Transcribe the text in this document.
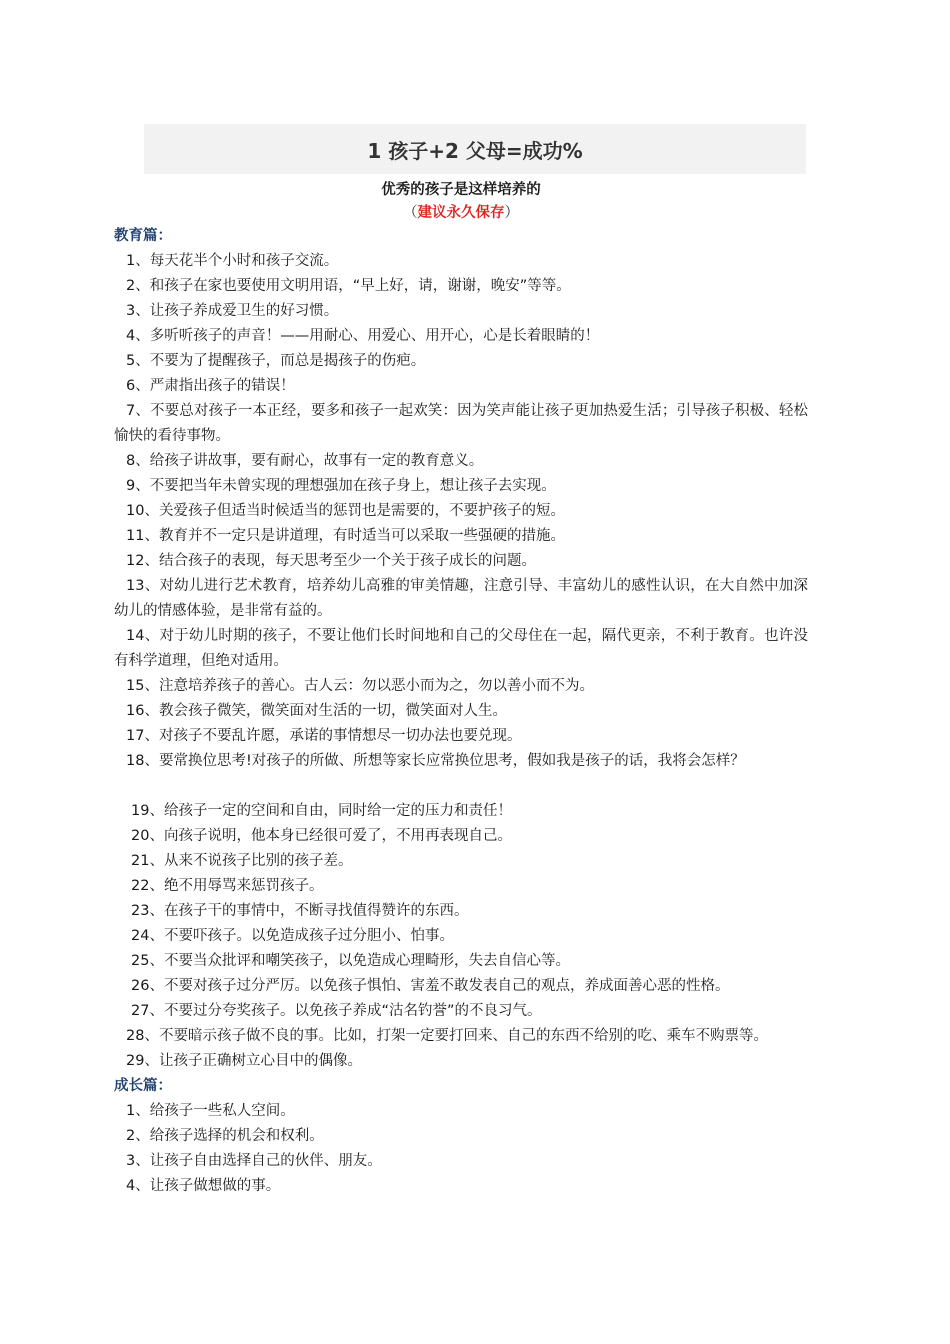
1 孩子+2 父母=成功%
优秀的孩子是这样培养的
（建议永久保存）
教育篇：

1、每天花半个小时和孩子交流。

2、和孩子在家也要使用文明用语，“早上好，请，谢谢，晚安”等等。

3、让孩子养成爱卫生的好习惯。

4、多听听孩子的声音！——用耐心、用爱心、用开心，心是长着眼睛的！

5、不要为了提醒孩子，而总是揭孩子的伤疤。

6、严肃指出孩子的错误！

7、不要总对孩子一本正经，要多和孩子一起欢笑：因为笑声能让孩子更加热爱生活；引导孩子积极、轻松愉快的看待事物。

8、给孩子讲故事，要有耐心，故事有一定的教育意义。

9、不要把当年未曾实现的理想强加在孩子身上，想让孩子去实现。

10、关爱孩子但适当时候适当的惩罚也是需要的，不要护孩子的短。

11、教育并不一定只是讲道理，有时适当可以采取一些强硬的措施。

12、结合孩子的表现，每天思考至少一个关于孩子成长的问题。

13、对幼儿进行艺术教育，培养幼儿高雅的审美情趣，注意引导、丰富幼儿的感性认识，在大自然中加深幼儿的情感体验，是非常有益的。

14、对于幼儿时期的孩子，不要让他们长时间地和自己的父母住在一起，隔代更亲，不利于教育。也许没有科学道理，但绝对适用。

15、注意培养孩子的善心。古人云：勿以恶小而为之，勿以善小而不为。

16、教会孩子微笑，微笑面对生活的一切，微笑面对人生。

17、对孩子不要乱许愿，承诺的事情想尽一切办法也要兑现。

18、要常换位思考!对孩子的所做、所想等家长应常换位思考，假如我是孩子的话，我将会怎样？

19、给孩子一定的空间和自由，同时给一定的压力和责任！

20、向孩子说明，他本身已经很可爱了，不用再表现自己。

21、从来不说孩子比别的孩子差。

22、绝不用辱骂来惩罚孩子。

23、在孩子干的事情中，不断寻找值得赞许的东西。

24、不要吓孩子。以免造成孩子过分胆小、怕事。

25、不要当众批评和嘲笑孩子，以免造成心理畸形，失去自信心等。

26、不要对孩子过分严厉。以免孩子惧怕、害羞不敢发表自己的观点，养成面善心恶的性格。

27、不要过分夸奖孩子。以免孩子养成“沽名钓誉”的不良习气。

28、不要暗示孩子做不良的事。比如，打架一定要打回来、自己的东西不给别的吃、乘车不购票等。

29、让孩子正确树立心目中的偶像。

成长篇：

1、给孩子一些私人空间。

2、给孩子选择的机会和权利。

3、让孩子自由选择自己的伙伴、朋友。

4、让孩子做想做的事。
